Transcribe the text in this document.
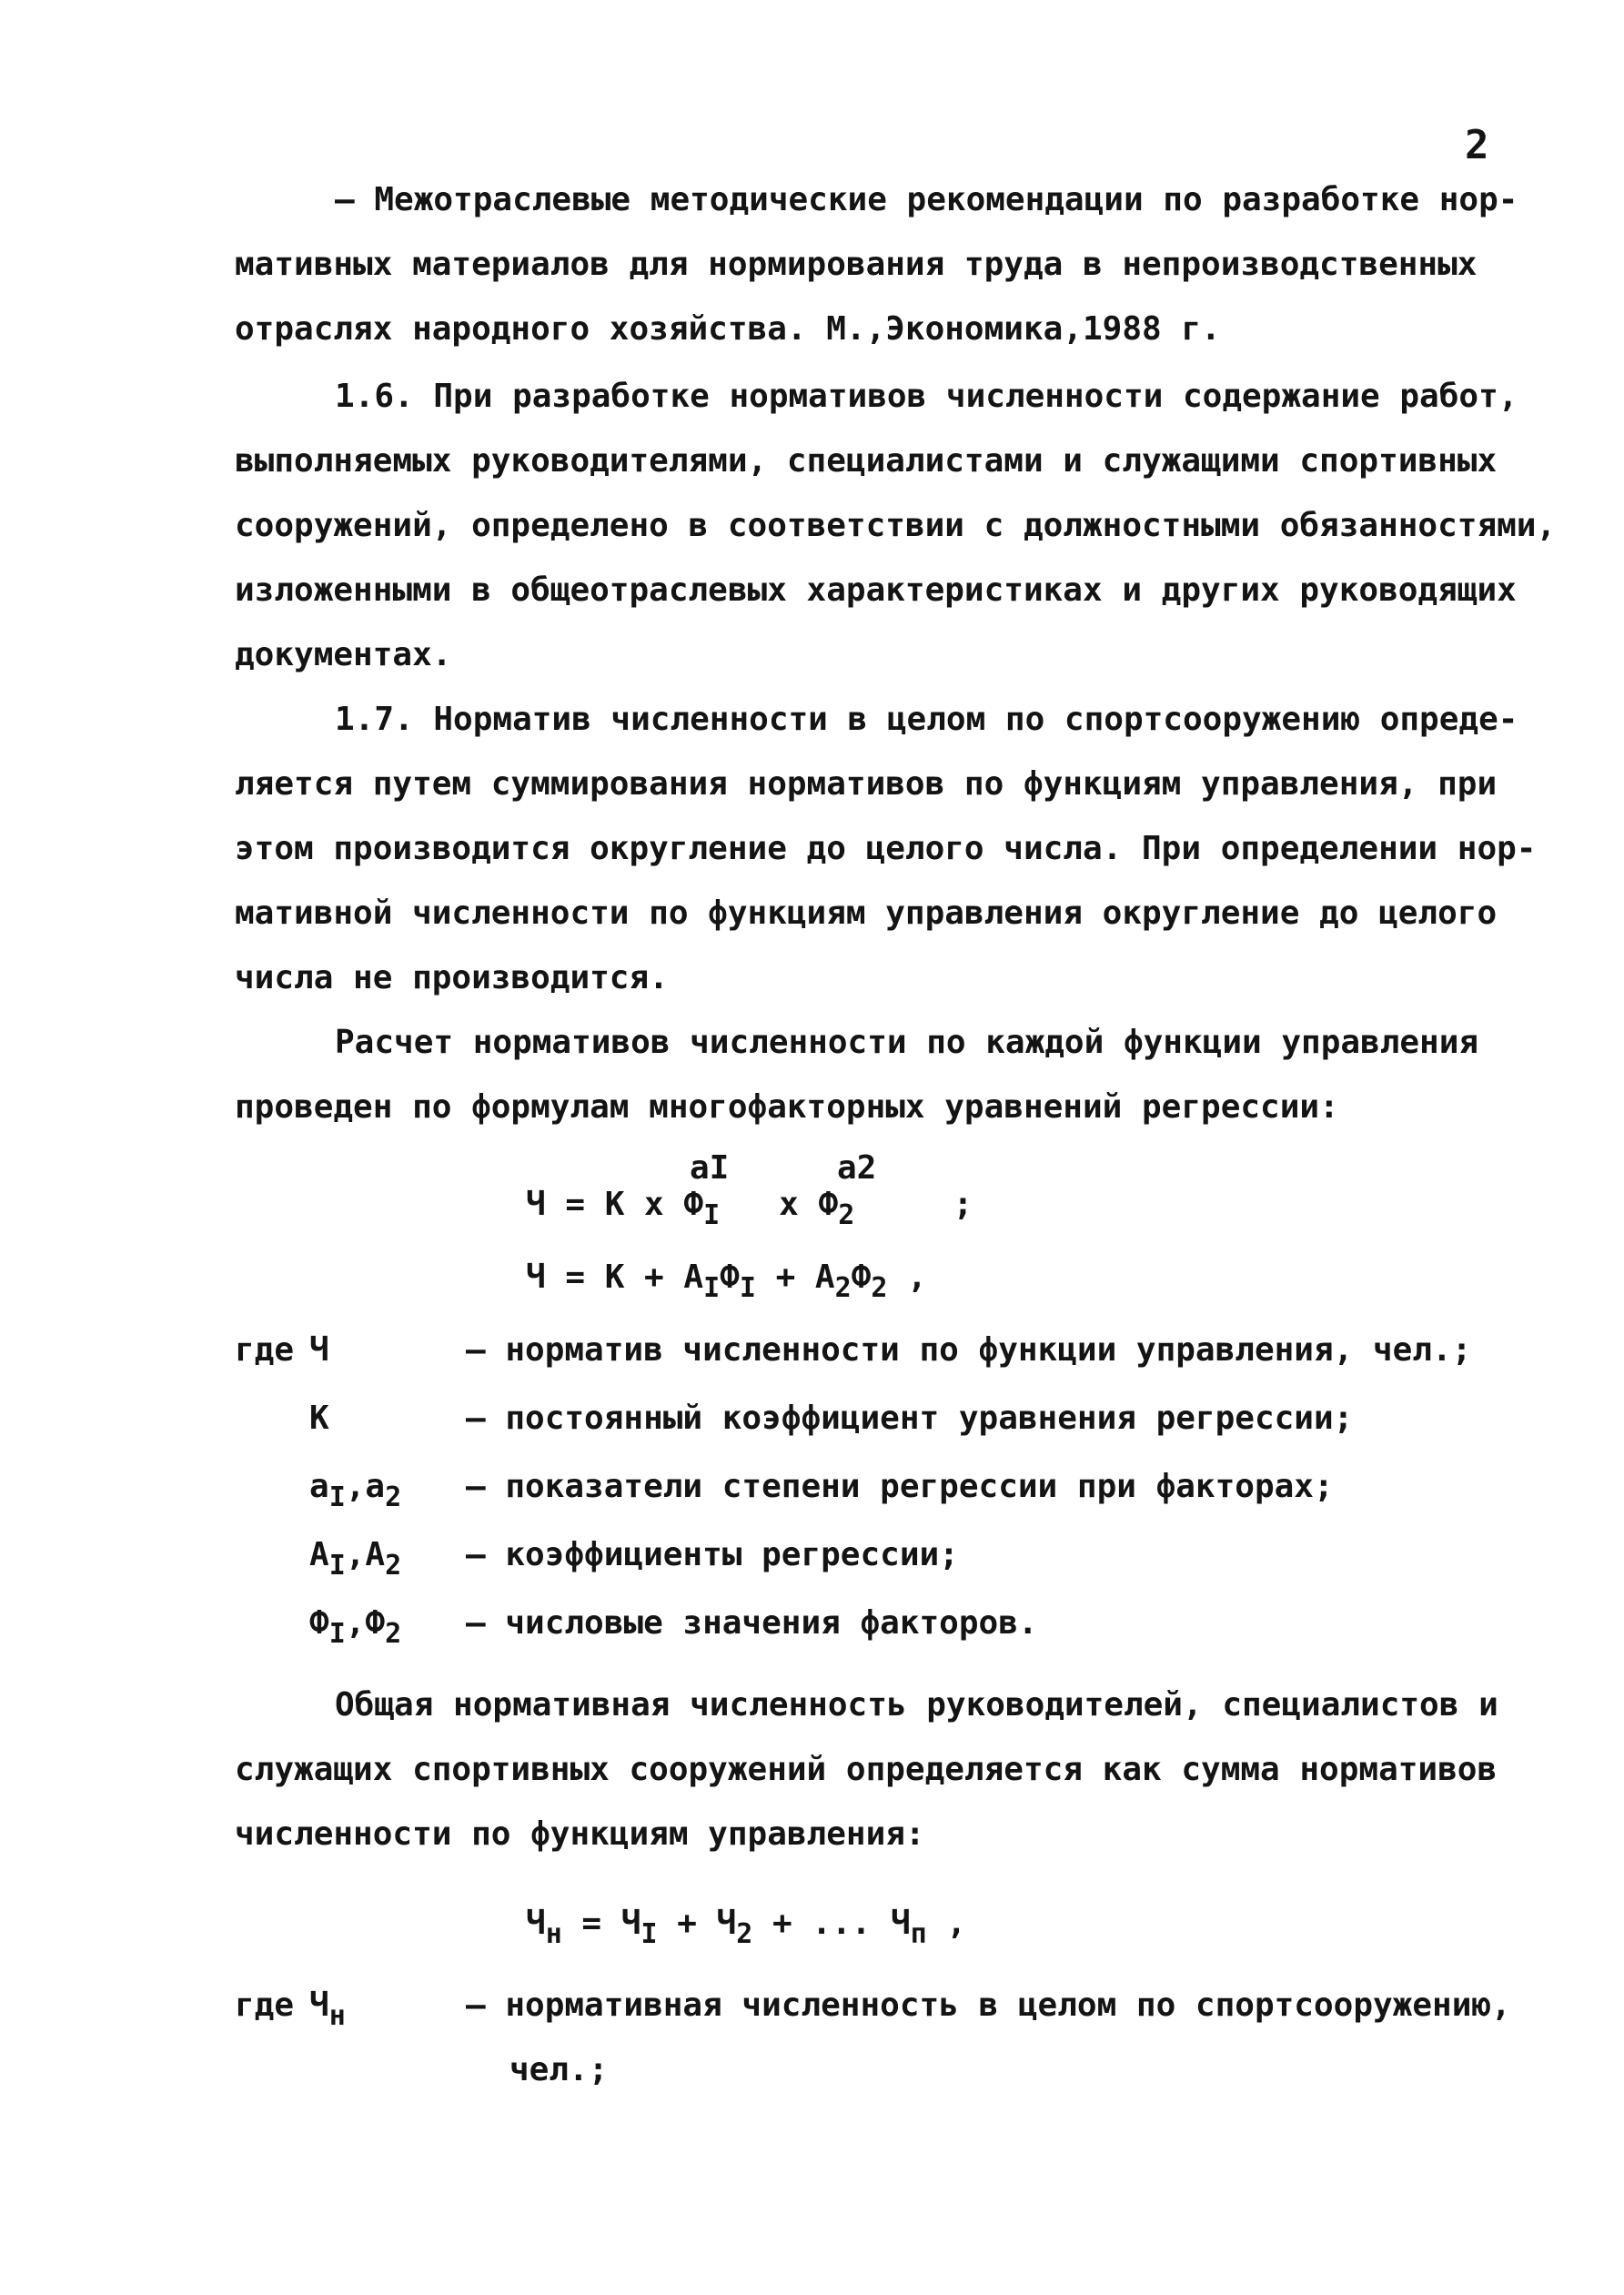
2
– Межотраслевые методические рекомендации по разработке нор-
мативных материалов для нормирования труда в непроизводственных
отраслях народного хозяйства. М.,Экономика,1988 г.
1.6. При разработке нормативов численности содержание работ,
выполняемых руководителями, специалистами и служащими спортивных
сооружений, определено в соответствии с должностными обязанностями,
изложенными в общеотраслевых характеристиках и других руководящих
документах.
1.7. Норматив численности в целом по спортсооружению опреде-
ляется путем суммирования нормативов по функциям управления, при
этом производится округление до целого числа. При определении нор-
мативной численности по функциям управления округление до целого
числа не производится.
Расчет нормативов численности по каждой функции управления
проведен по формулам многофакторных уравнений регрессии:
aI	a2
Ч = К х $Ф_I$   х $Ф_2$     ;
$Ч = К + А_IФ_I + А_2Ф_2$ ,
где Ч	– норматив численности по функции управления, чел.;
К	– постоянный коэффициент уравнения регрессии;
$а_I,а_2$ – показатели степени регрессии при факторах;
$А_I,А_2$ – коэффициенты регрессии;
$Ф_I,Ф_2$ – числовые значения факторов.
Общая нормативная численность руководителей, специалистов и
служащих спортивных сооружений определяется как сумма нормативов
численности по функциям управления:
$Ч_н = Ч_I + Ч_2$ + ... $Ч_п$ ,
где $Ч_н$	– нормативная численность в целом по спортсооружению,
чел.;
